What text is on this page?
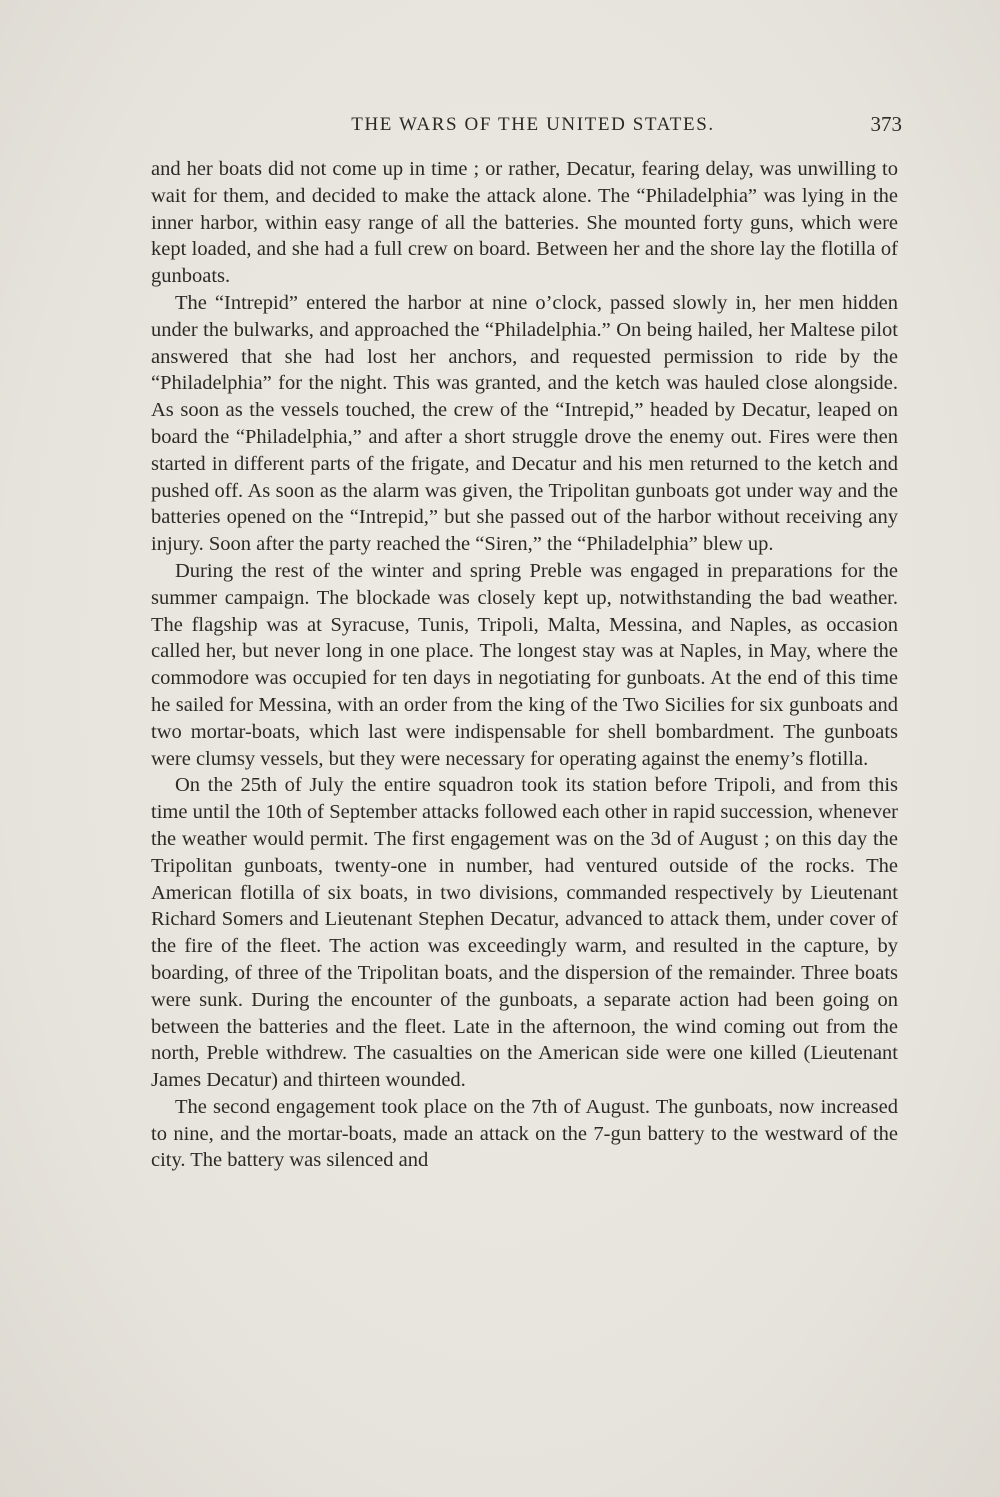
THE WARS OF THE UNITED STATES.	373

and her boats did not come up in time ; or rather, Decatur, fearing delay, was unwilling to wait for them, and decided to make the attack alone. The “Philadelphia” was lying in the inner harbor, within easy range of all the batteries. She mounted forty guns, which were kept loaded, and she had a full crew on board. Between her and the shore lay the flotilla of gunboats.

The “Intrepid” entered the harbor at nine o’clock, passed slowly in, her men hidden under the bulwarks, and approached the “Philadelphia.” On being hailed, her Maltese pilot answered that she had lost her anchors, and requested permission to ride by the “Philadelphia” for the night. This was granted, and the ketch was hauled close alongside. As soon as the vessels touched, the crew of the “Intrepid,” headed by Decatur, leaped on board the “Philadelphia,” and after a short struggle drove the enemy out. Fires were then started in different parts of the frigate, and Decatur and his men returned to the ketch and pushed off. As soon as the alarm was given, the Tripolitan gunboats got under way and the batteries opened on the “Intrepid,” but she passed out of the harbor without receiving any injury. Soon after the party reached the “Siren,” the “Philadelphia” blew up.

During the rest of the winter and spring Preble was engaged in preparations for the summer campaign. The blockade was closely kept up, notwithstanding the bad weather. The flagship was at Syracuse, Tunis, Tripoli, Malta, Messina, and Naples, as occasion called her, but never long in one place. The longest stay was at Naples, in May, where the commodore was occupied for ten days in negotiating for gunboats. At the end of this time he sailed for Messina, with an order from the king of the Two Sicilies for six gunboats and two mortar-boats, which last were indispensable for shell bombardment. The gunboats were clumsy vessels, but they were necessary for operating against the enemy’s flotilla.

On the 25th of July the entire squadron took its station before Tripoli, and from this time until the 10th of September attacks followed each other in rapid succession, whenever the weather would permit. The first engagement was on the 3d of August ; on this day the Tripolitan gunboats, twenty-one in number, had ventured outside of the rocks. The American flotilla of six boats, in two divisions, commanded respectively by Lieutenant Richard Somers and Lieutenant Stephen Decatur, advanced to attack them, under cover of the fire of the fleet. The action was exceedingly warm, and resulted in the capture, by boarding, of three of the Tripolitan boats, and the dispersion of the remainder. Three boats were sunk. During the encounter of the gunboats, a separate action had been going on between the batteries and the fleet. Late in the afternoon, the wind coming out from the north, Preble withdrew. The casualties on the American side were one killed (Lieutenant James Decatur) and thirteen wounded.

The second engagement took place on the 7th of August. The gunboats, now increased to nine, and the mortar-boats, made an attack on the 7-gun battery to the westward of the city. The battery was silenced and
